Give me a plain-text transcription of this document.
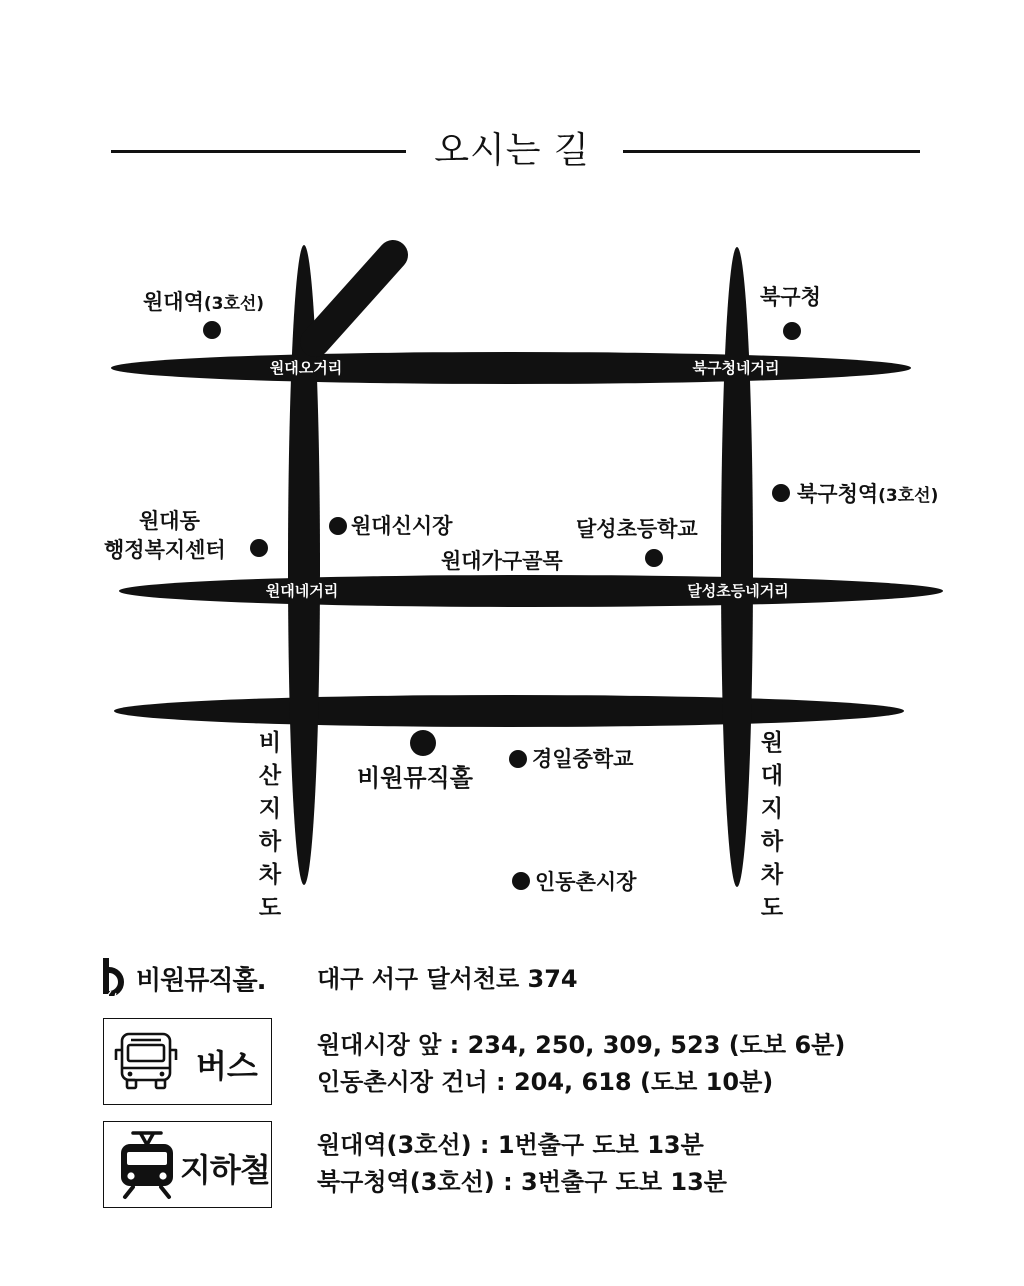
오시는 길
원대오거리	북구청네거리
원대네거리	달성초등네거리
비
산
지
하
차
도
원
대
지
하
차
도
원대역(3호선)	북구청
북구청역(3호선)
원대동
행정복지센터
원대신시장	달성초등학교
원대가구골목
비원뮤직홀
경일중학교
인동촌시장
비원뮤직홀. 대구 서구 달서천로 374
버스
원대시장 앞 : 234, 250, 309, 523 (도보 6분)
인동촌시장 건너 : 204, 618 (도보 10분)
지하철
원대역(3호선) : 1번출구 도보 13분
북구청역(3호선) : 3번출구 도보 13분
